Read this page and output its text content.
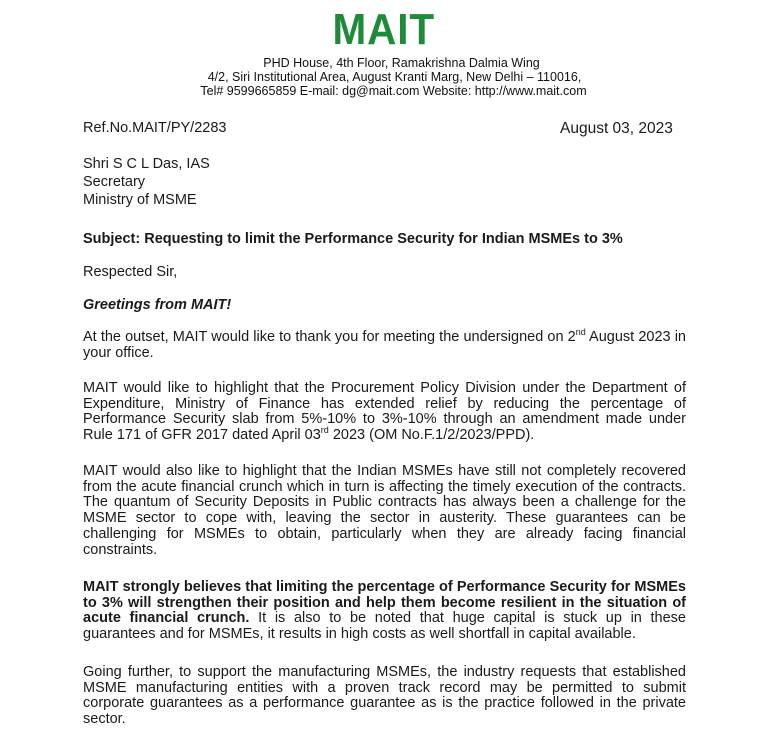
MAIT
PHD House, 4th Floor, Ramakrishna Dalmia Wing
4/2, Siri Institutional Area, August Kranti Marg, New Delhi – 110016,
Tel# 9599665859 E-mail: dg@mait.com Website: http://www.mait.com
Ref.No.MAIT/PY/2283	August 03, 2023
Shri S C L Das, IAS
Secretary
Ministry of MSME
Subject: Requesting to limit the Performance Security for Indian MSMEs to 3%
Respected Sir,
Greetings from MAIT!
At the outset, MAIT would like to thank you for meeting the undersigned on 2nd August 2023 in your office.
MAIT would like to highlight that the Procurement Policy Division under the Department of Expenditure, Ministry of Finance has extended relief by reducing the percentage of Performance Security slab from 5%-10% to 3%-10% through an amendment made under Rule 171 of GFR 2017 dated April 03rd 2023 (OM No.F.1/2/2023/PPD).
MAIT would also like to highlight that the Indian MSMEs have still not completely recovered from the acute financial crunch which in turn is affecting the timely execution of the contracts. The quantum of Security Deposits in Public contracts has always been a challenge for the MSME sector to cope with, leaving the sector in austerity. These guarantees can be challenging for MSMEs to obtain, particularly when they are already facing financial constraints.
MAIT strongly believes that limiting the percentage of Performance Security for MSMEs to 3% will strengthen their position and help them become resilient in the situation of acute financial crunch. It is also to be noted that huge capital is stuck up in these guarantees and for MSMEs, it results in high costs as well shortfall in capital available.
Going further, to support the manufacturing MSMEs, the industry requests that established MSME manufacturing entities with a proven track record may be permitted to submit corporate guarantees as a performance guarantee as is the practice followed in the private sector.
